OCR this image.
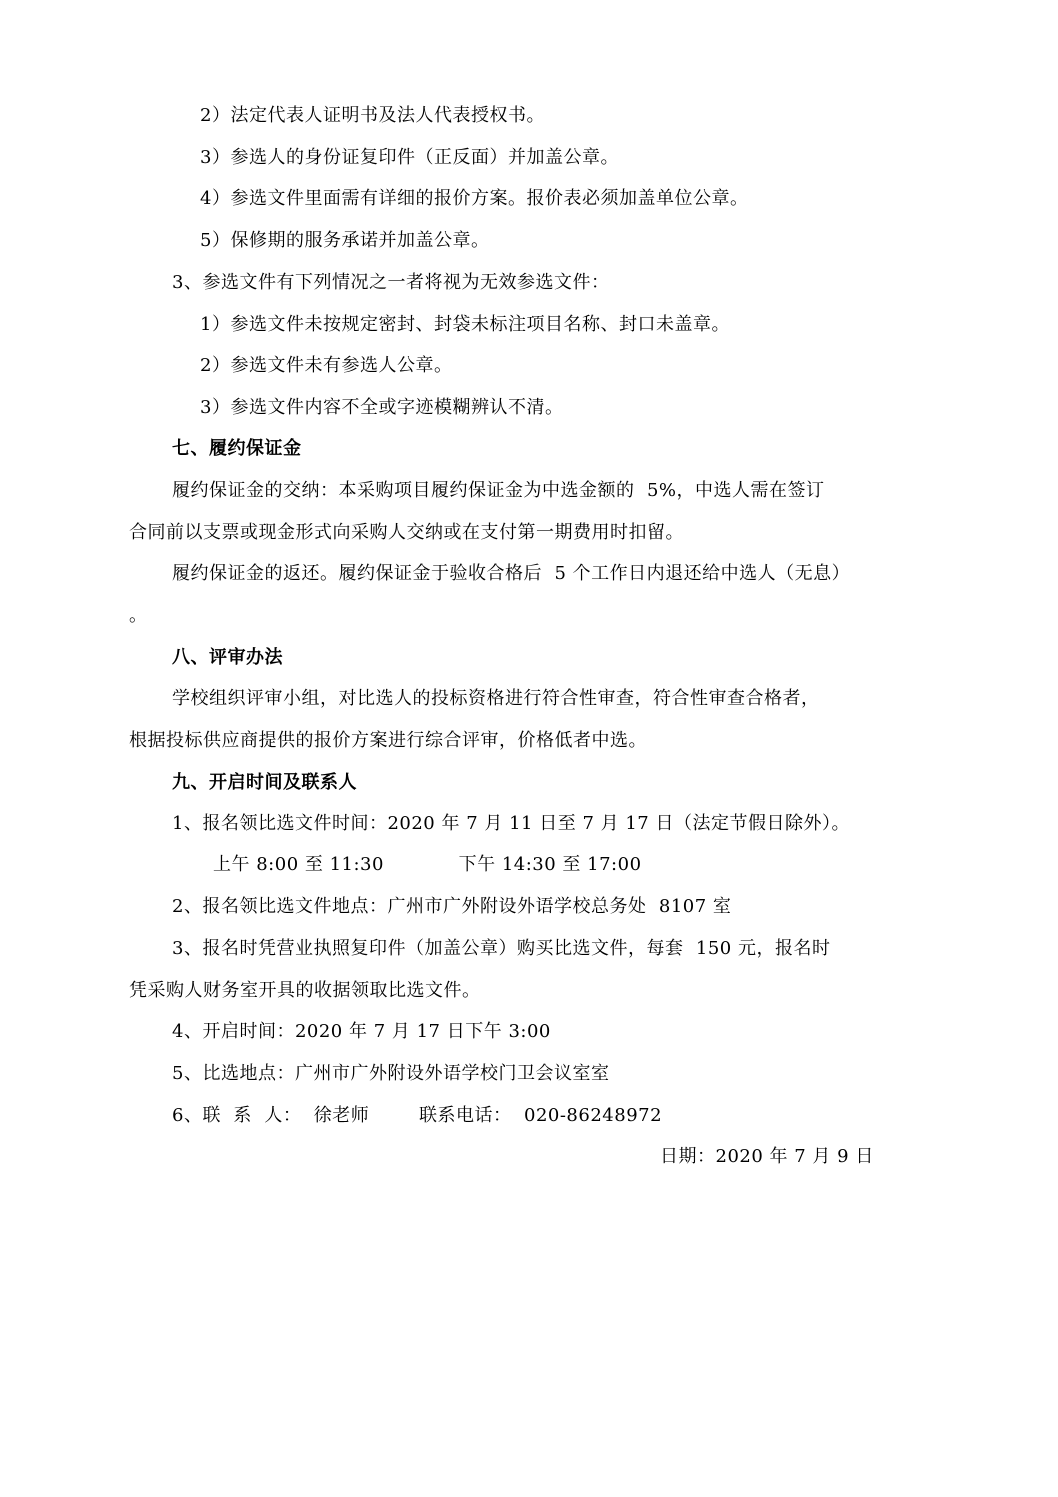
2）法定代表人证明书及法人代表授权书。
3）参选人的身份证复印件（正反面）并加盖公章。
4）参选文件里面需有详细的报价方案。报价表必须加盖单位公章。
5）保修期的服务承诺并加盖公章。
3、参选文件有下列情况之一者将视为无效参选文件：
1）参选文件未按规定密封、封袋未标注项目名称、封口未盖章。
2）参选文件未有参选人公章。
3）参选文件内容不全或字迹模糊辨认不清。
七、履约保证金
履约保证金的交纳：本采购项目履约保证金为中选金额的  5%，中选人需在签订
合同前以支票或现金形式向采购人交纳或在支付第一期费用时扣留。
履约保证金的返还。履约保证金于验收合格后  5 个工作日内退还给中选人（无息）
。
八、评审办法
学校组织评审小组，对比选人的投标资格进行符合性审查，符合性审查合格者，
根据投标供应商提供的报价方案进行综合评审，价格低者中选。
九、开启时间及联系人
1、报名领比选文件时间：2020 年 7 月 11 日至 7 月 17 日（法定节假日除外）。
上午 8:00 至 11:30            下午 14:30 至 17:00
2、报名领比选文件地点：广州市广外附设外语学校总务处  8107 室
3、报名时凭营业执照复印件（加盖公章）购买比选文件，每套  150 元，报名时
凭采购人财务室开具的收据领取比选文件。
4、开启时间：2020 年 7 月 17 日下午 3:00
5、比选地点：广州市广外附设外语学校门卫会议室室
6、联  系  人：  徐老师        联系电话：  020-86248972
日期：2020 年 7 月 9 日
